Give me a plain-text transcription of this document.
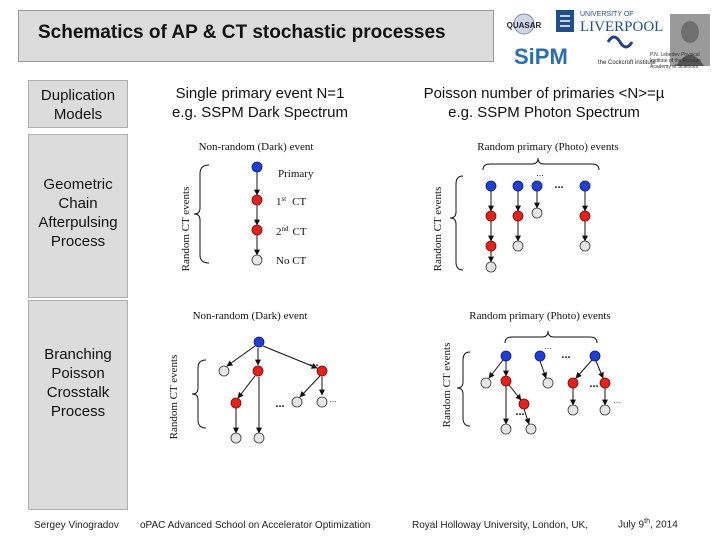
Schematics of AP & CT stochastic processes	QUASAR
UNIVERSITY OF
LIVERPOOL
SiPM	the Cockcroft institute
P.N. Lebedev Physical
Institute of the Russian
Academy of Sciences
Duplication Models
Geometric
Chain
Afterpulsing
Process
Branching
Poisson
Crosstalk
Process
Single primary event N=1
e.g. SSPM Dark Spectrum
Poisson number of primaries <N>=µ
e.g. SSPM Photon Spectrum
Non-random (Dark) event
Random CT events
Primary
1st CT
2nd CT
No CT
Random primary (Photo) events
Random CT events
...
...
Non-random (Dark) event
Random CT events	...
...	...
Random primary (Photo) events
Random CT events	...
...
...
...
...
Sergey Vinogradov oPAC Advanced School on Accelerator Optimization	Royal Holloway University, London, UK,	July 9th, 2014
